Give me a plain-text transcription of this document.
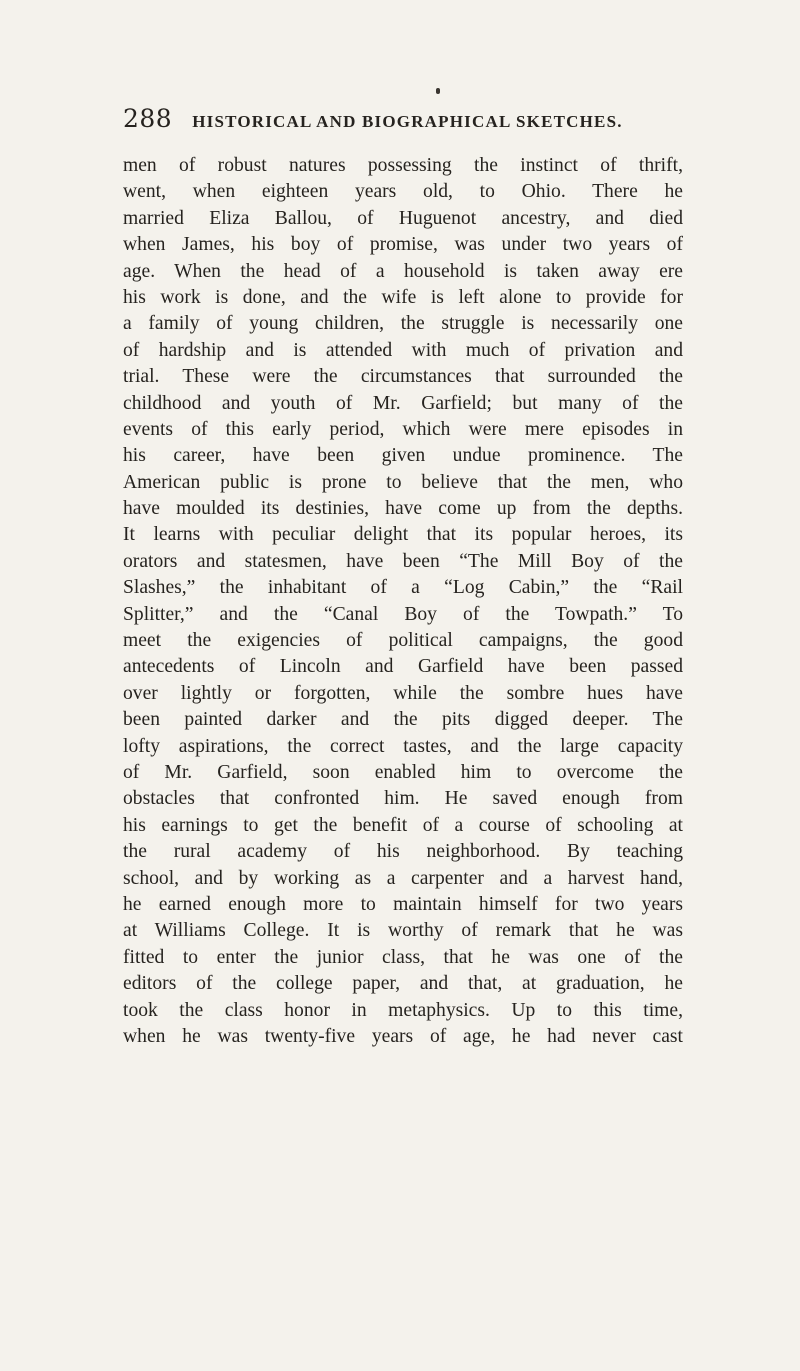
288 HISTORICAL AND BIOGRAPHICAL SKETCHES.
men of robust natures possessing the instinct of thrift,
went, when eighteen years old, to Ohio. There he
married Eliza Ballou, of Huguenot ancestry, and died
when James, his boy of promise, was under two years of
age. When the head of a household is taken away ere
his work is done, and the wife is left alone to provide for
a family of young children, the struggle is necessarily one
of hardship and is attended with much of privation and
trial. These were the circumstances that surrounded the
childhood and youth of Mr. Garfield; but many of the
events of this early period, which were mere episodes in
his career, have been given undue prominence. The
American public is prone to believe that the men, who
have moulded its destinies, have come up from the depths.
It learns with peculiar delight that its popular heroes, its
orators and statesmen, have been “The Mill Boy of the
Slashes,” the inhabitant of a “Log Cabin,” the “Rail
Splitter,” and the “Canal Boy of the Towpath.” To
meet the exigencies of political campaigns, the good
antecedents of Lincoln and Garfield have been passed
over lightly or forgotten, while the sombre hues have
been painted darker and the pits digged deeper. The
lofty aspirations, the correct tastes, and the large capacity
of Mr. Garfield, soon enabled him to overcome the
obstacles that confronted him. He saved enough from
his earnings to get the benefit of a course of schooling at
the rural academy of his neighborhood. By teaching
school, and by working as a carpenter and a harvest hand,
he earned enough more to maintain himself for two years
at Williams College. It is worthy of remark that he was
fitted to enter the junior class, that he was one of the
editors of the college paper, and that, at graduation, he
took the class honor in metaphysics. Up to this time,
when he was twenty-five years of age, he had never cast
